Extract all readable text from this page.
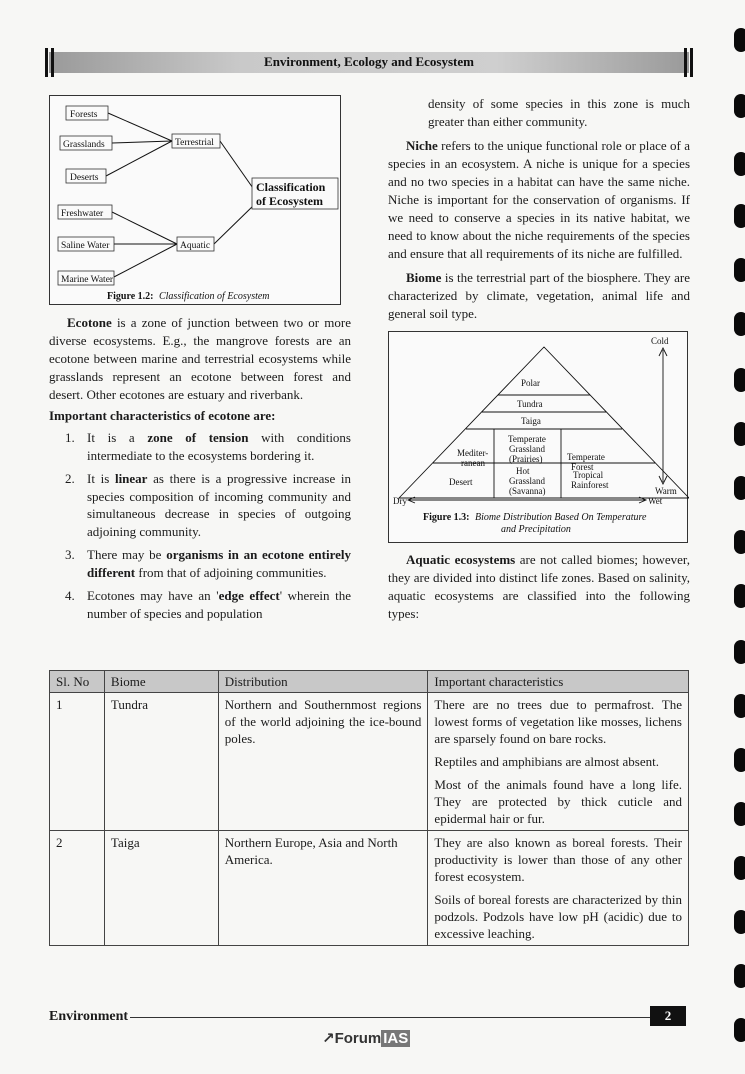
Environment, Ecology and Ecosystem
Forests
Grasslands
Deserts
Freshwater
Saline Water
Marine Water
Terrestrial
Aquatic
Classification
of Ecosystem
Figure 1.2: Classification of Ecosystem

Ecotone is a zone of junction between two or more diverse ecosystems. E.g., the mangrove forests are an ecotone between marine and terrestrial ecosystems while grasslands represent an ecotone between forest and desert. Other ecotones are estuary and riverbank.

Important characteristics of ecotone are:

1. It is a zone of tension with conditions intermediate to the ecosystems bordering it.
2. It is linear as there is a progressive increase in species composition of incoming community and simultaneous decrease in species of outgoing adjoining community.
3. There may be organisms in an ecotone entirely different from that of adjoining communities.
4. Ecotones may have an 'edge effect' wherein the number of species and population

density of some species in this zone is much greater than either community.

Niche refers to the unique functional role or place of a species in an ecosystem. A niche is unique for a species and no two species in a habitat can have the same niche. Niche is important for the conservation of organisms. If we need to conserve a species in its native habitat, we need to know about the niche requirements of the species and ensure that all requirements of its niche are fulfilled.

Biome is the terrestrial part of the biosphere. They are characterized by climate, vegetation, animal life and general soil type.

Cold
Warm
Dry	Wet
Polar
Tundra
Taiga
Mediter-
ranean
Temperate
Grassland
(Prairies)	Temperate
Forest
Desert
Hot
Grassland
(Savanna)
Tropical
Rainforest
Figure 1.3: Biome Distribution Based On Temperature
and Precipitation

Aquatic ecosystems are not called biomes; however, they are divided into distinct life zones. Based on salinity, aquatic ecosystems are classified into the following types:

Sl. No	Biome	Distribution	Important characteristics
1	Tundra	Northern and Southernmost regions of the world adjoining the ice-bound poles.	There are no trees due to permafrost. The lowest forms of vegetation like mosses, lichens are sparsely found on bare rocks.

Reptiles and amphibians are almost absent.

Most of the animals found have a long life. They are protected by thick cuticle and epidermal hair or fur.

2	Taiga	Northern Europe, Asia and North America.	They are also known as boreal forests. Their productivity is lower than those of any other forest ecosystem.

Soils of boreal forests are characterized by thin podzols. Podzols have low pH (acidic) due to excessive leaching.

Environment	2
↗Forum IAS
